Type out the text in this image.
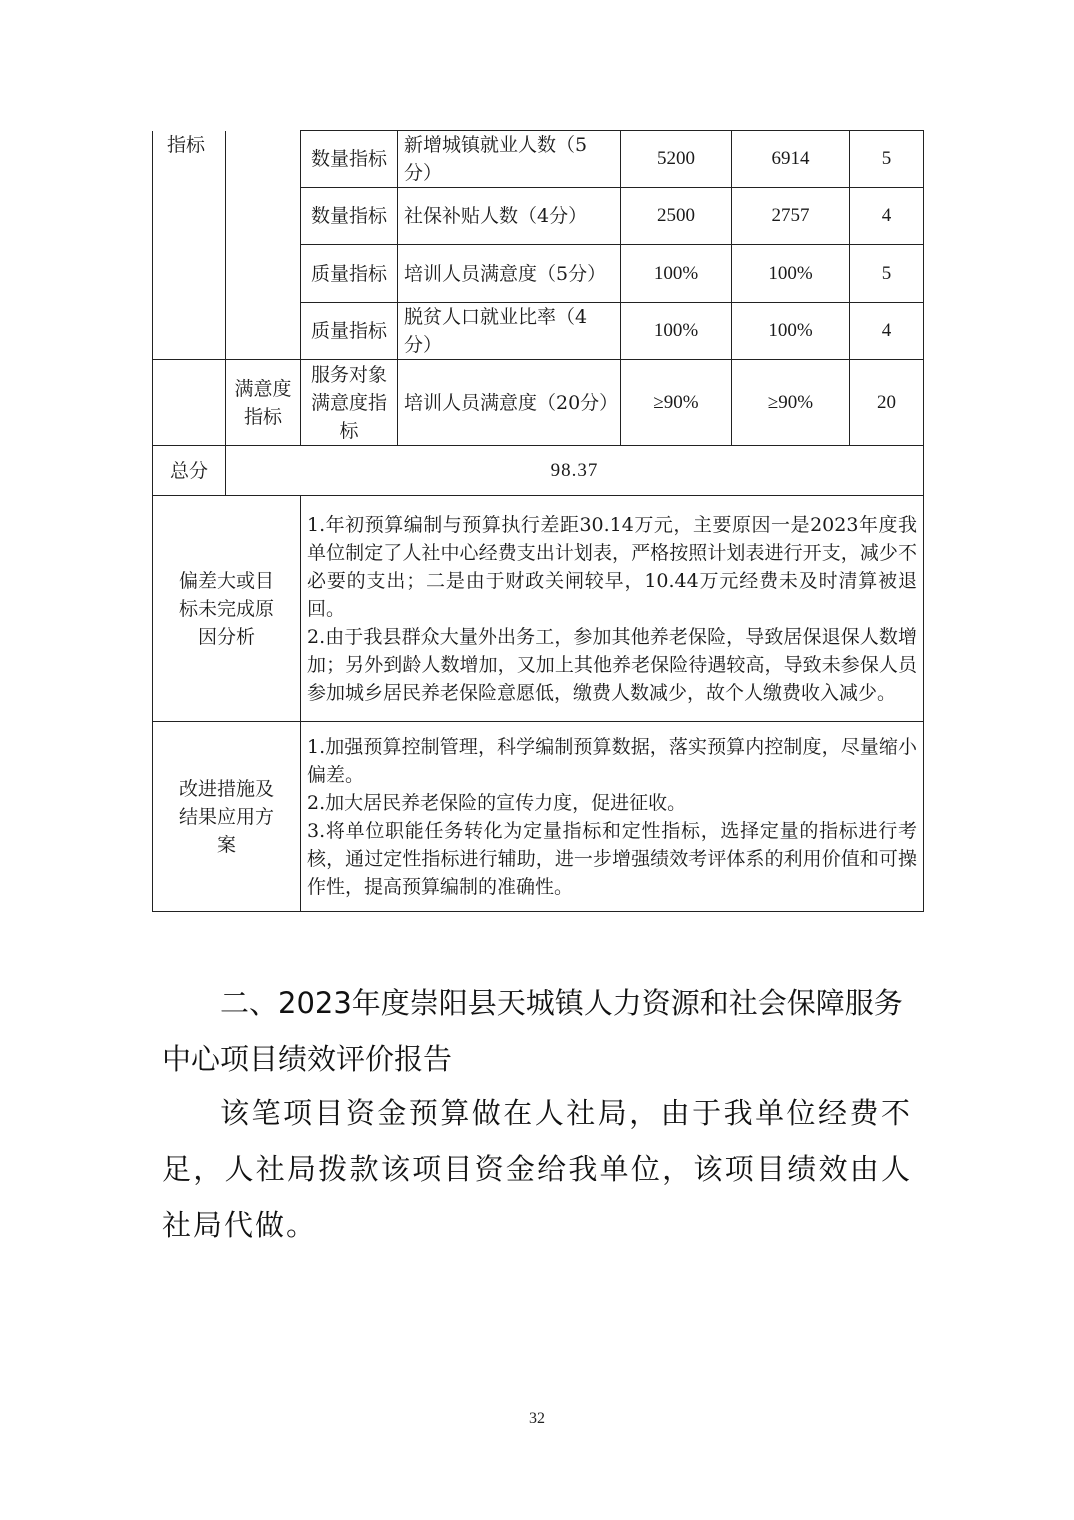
指标		数量指标	新增城镇就业人数（5分）	5200	6914	5
		数量指标	社保补贴人数（4分）	2500	2757	4
		质量指标	培训人员满意度（5分）	100%	100%	5
		质量指标	脱贫人口就业比率（4分）	100%	100%	4
	满意度指标	服务对象满意度指标	培训人员满意度（20分）	≥90%	≥90%	20
总分	98.37					
偏差大或目标未完成原因分析		1.年初预算编制与预算执行差距30.14万元，主要原因一是2023年度我单位制定了人社中心经费支出计划表，严格按照计划表进行开支，减少不必要的支出；二是由于财政关闸较早，10.44万元经费未及时清算被退回。
2.由于我县群众大量外出务工，参加其他养老保险，导致居保退保人数增加；另外到龄人数增加，又加上其他养老保险待遇较高，导致未参保人员参加城乡居民养老保险意愿低，缴费人数减少，故个人缴费收入减少。				

改进措施及结果应用方案		1.加强预算控制管理，科学编制预算数据，落实预算内控制度，尽量缩小偏差。
2.加大居民养老保险的宣传力度，促进征收。
3.将单位职能任务转化为定量指标和定性指标，选择定量的指标进行考核，通过定性指标进行辅助，进一步增强绩效考评体系的利用价值和可操作性，提高预算编制的准确性。				
二、2023年度崇阳县天城镇人力资源和社会保障服务中心项目绩效评价报告
该笔项目资金预算做在人社局，由于我单位经费不足，人社局拨款该项目资金给我单位，该项目绩效由人社局代做。
32
